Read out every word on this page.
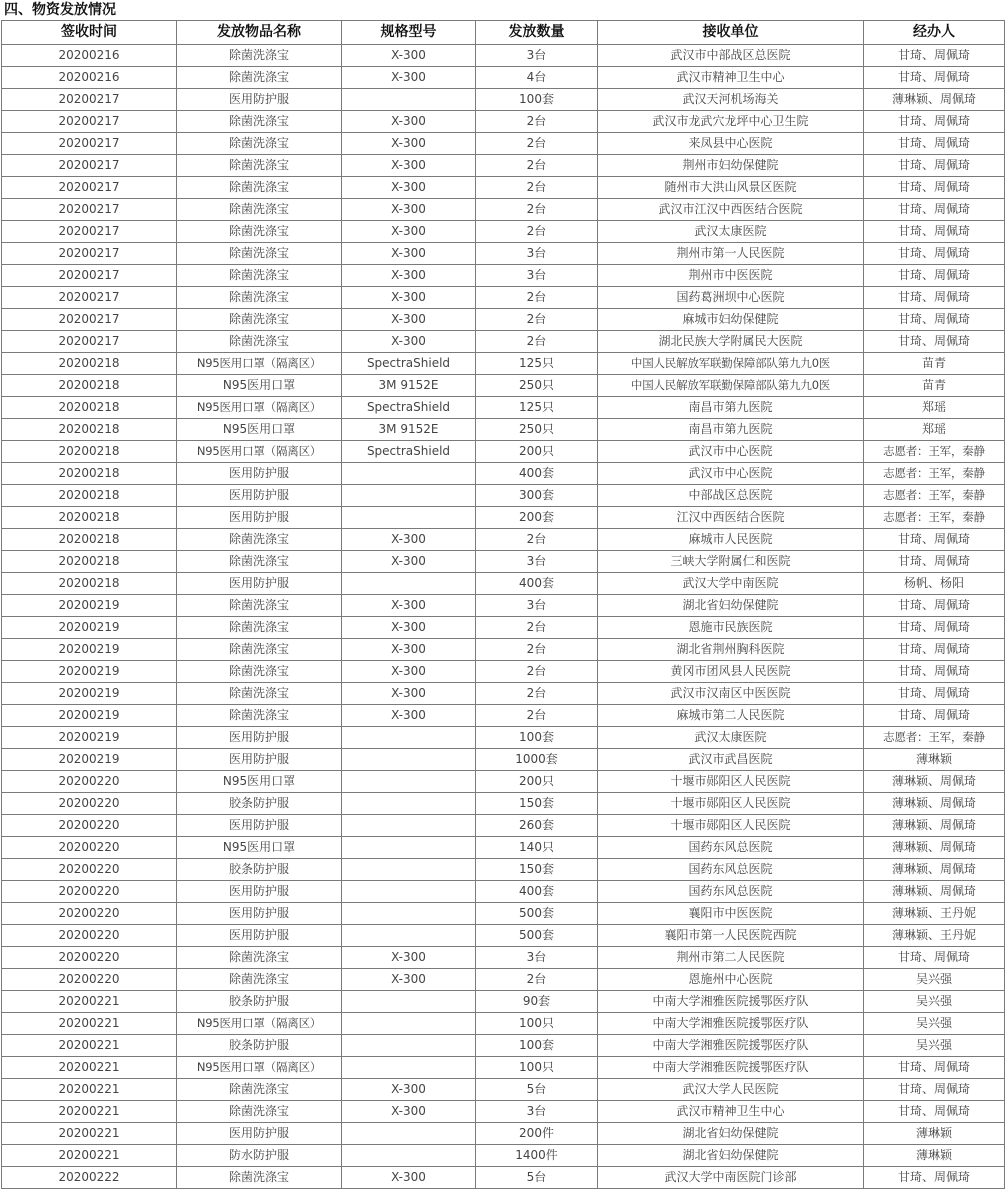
四、物资发放情况
签收时间	发放物品名称	规格型号	发放数量	接收单位	经办人
20200216	除菌洗涤宝	X-300	3台	武汉市中部战区总医院	甘琦、周佩琦
20200216	除菌洗涤宝	X-300	4台	武汉市精神卫生中心	甘琦、周佩琦
20200217	医用防护服		100套	武汉天河机场海关	薄琳颖、周佩琦
20200217	除菌洗涤宝	X-300	2台	武汉市龙武穴龙坪中心卫生院	甘琦、周佩琦
20200217	除菌洗涤宝	X-300	2台	来凤县中心医院	甘琦、周佩琦
20200217	除菌洗涤宝	X-300	2台	荆州市妇幼保健院	甘琦、周佩琦
20200217	除菌洗涤宝	X-300	2台	随州市大洪山风景区医院	甘琦、周佩琦
20200217	除菌洗涤宝	X-300	2台	武汉市江汉中西医结合医院	甘琦、周佩琦
20200217	除菌洗涤宝	X-300	2台	武汉太康医院	甘琦、周佩琦
20200217	除菌洗涤宝	X-300	3台	荆州市第一人民医院	甘琦、周佩琦
20200217	除菌洗涤宝	X-300	3台	荆州市中医医院	甘琦、周佩琦
20200217	除菌洗涤宝	X-300	2台	国药葛洲坝中心医院	甘琦、周佩琦
20200217	除菌洗涤宝	X-300	2台	麻城市妇幼保健院	甘琦、周佩琦
20200217	除菌洗涤宝	X-300	2台	湖北民族大学附属民大医院	甘琦、周佩琦
20200218	N95医用口罩（隔离区）	SpectraShield	125只	中国人民解放军联勤保障部队第九九0医	苗青
20200218	N95医用口罩	3M 9152E	250只	中国人民解放军联勤保障部队第九九0医	苗青
20200218	N95医用口罩（隔离区）	SpectraShield	125只	南昌市第九医院	郑瑶
20200218	N95医用口罩	3M 9152E	250只	南昌市第九医院	郑瑶
20200218	N95医用口罩（隔离区）	SpectraShield	200只	武汉市中心医院	志愿者：王军，秦静
20200218	医用防护服		400套	武汉市中心医院	志愿者：王军，秦静
20200218	医用防护服		300套	中部战区总医院	志愿者：王军，秦静
20200218	医用防护服		200套	江汉中西医结合医院	志愿者：王军，秦静
20200218	除菌洗涤宝	X-300	2台	麻城市人民医院	甘琦、周佩琦
20200218	除菌洗涤宝	X-300	3台	三峡大学附属仁和医院	甘琦、周佩琦
20200218	医用防护服		400套	武汉大学中南医院	杨帆、杨阳
20200219	除菌洗涤宝	X-300	3台	湖北省妇幼保健院	甘琦、周佩琦
20200219	除菌洗涤宝	X-300	2台	恩施市民族医院	甘琦、周佩琦
20200219	除菌洗涤宝	X-300	2台	湖北省荆州胸科医院	甘琦、周佩琦
20200219	除菌洗涤宝	X-300	2台	黄冈市团风县人民医院	甘琦、周佩琦
20200219	除菌洗涤宝	X-300	2台	武汉市汉南区中医医院	甘琦、周佩琦
20200219	除菌洗涤宝	X-300	2台	麻城市第二人民医院	甘琦、周佩琦
20200219	医用防护服		100套	武汉太康医院	志愿者：王军，秦静
20200219	医用防护服		1000套	武汉市武昌医院	薄琳颖
20200220	N95医用口罩		200只	十堰市郧阳区人民医院	薄琳颖、周佩琦
20200220	胶条防护服		150套	十堰市郧阳区人民医院	薄琳颖、周佩琦
20200220	医用防护服		260套	十堰市郧阳区人民医院	薄琳颖、周佩琦
20200220	N95医用口罩		140只	国药东风总医院	薄琳颖、周佩琦
20200220	胶条防护服		150套	国药东风总医院	薄琳颖、周佩琦
20200220	医用防护服		400套	国药东风总医院	薄琳颖、周佩琦
20200220	医用防护服		500套	襄阳市中医医院	薄琳颖、王丹妮
20200220	医用防护服		500套	襄阳市第一人民医院西院	薄琳颖、王丹妮
20200220	除菌洗涤宝	X-300	3台	荆州市第二人民医院	甘琦、周佩琦
20200220	除菌洗涤宝	X-300	2台	恩施州中心医院	吴兴强
20200221	胶条防护服		90套	中南大学湘雅医院援鄂医疗队	吴兴强
20200221	N95医用口罩（隔离区）		100只	中南大学湘雅医院援鄂医疗队	吴兴强
20200221	胶条防护服		100套	中南大学湘雅医院援鄂医疗队	吴兴强
20200221	N95医用口罩（隔离区）		100只	中南大学湘雅医院援鄂医疗队	甘琦、周佩琦
20200221	除菌洗涤宝	X-300	5台	武汉大学人民医院	甘琦、周佩琦
20200221	除菌洗涤宝	X-300	3台	武汉市精神卫生中心	甘琦、周佩琦
20200221	医用防护服		200件	湖北省妇幼保健院	薄琳颖
20200221	防水防护服		1400件	湖北省妇幼保健院	薄琳颖
20200222	除菌洗涤宝	X-300	5台	武汉大学中南医院门诊部	甘琦、周佩琦
